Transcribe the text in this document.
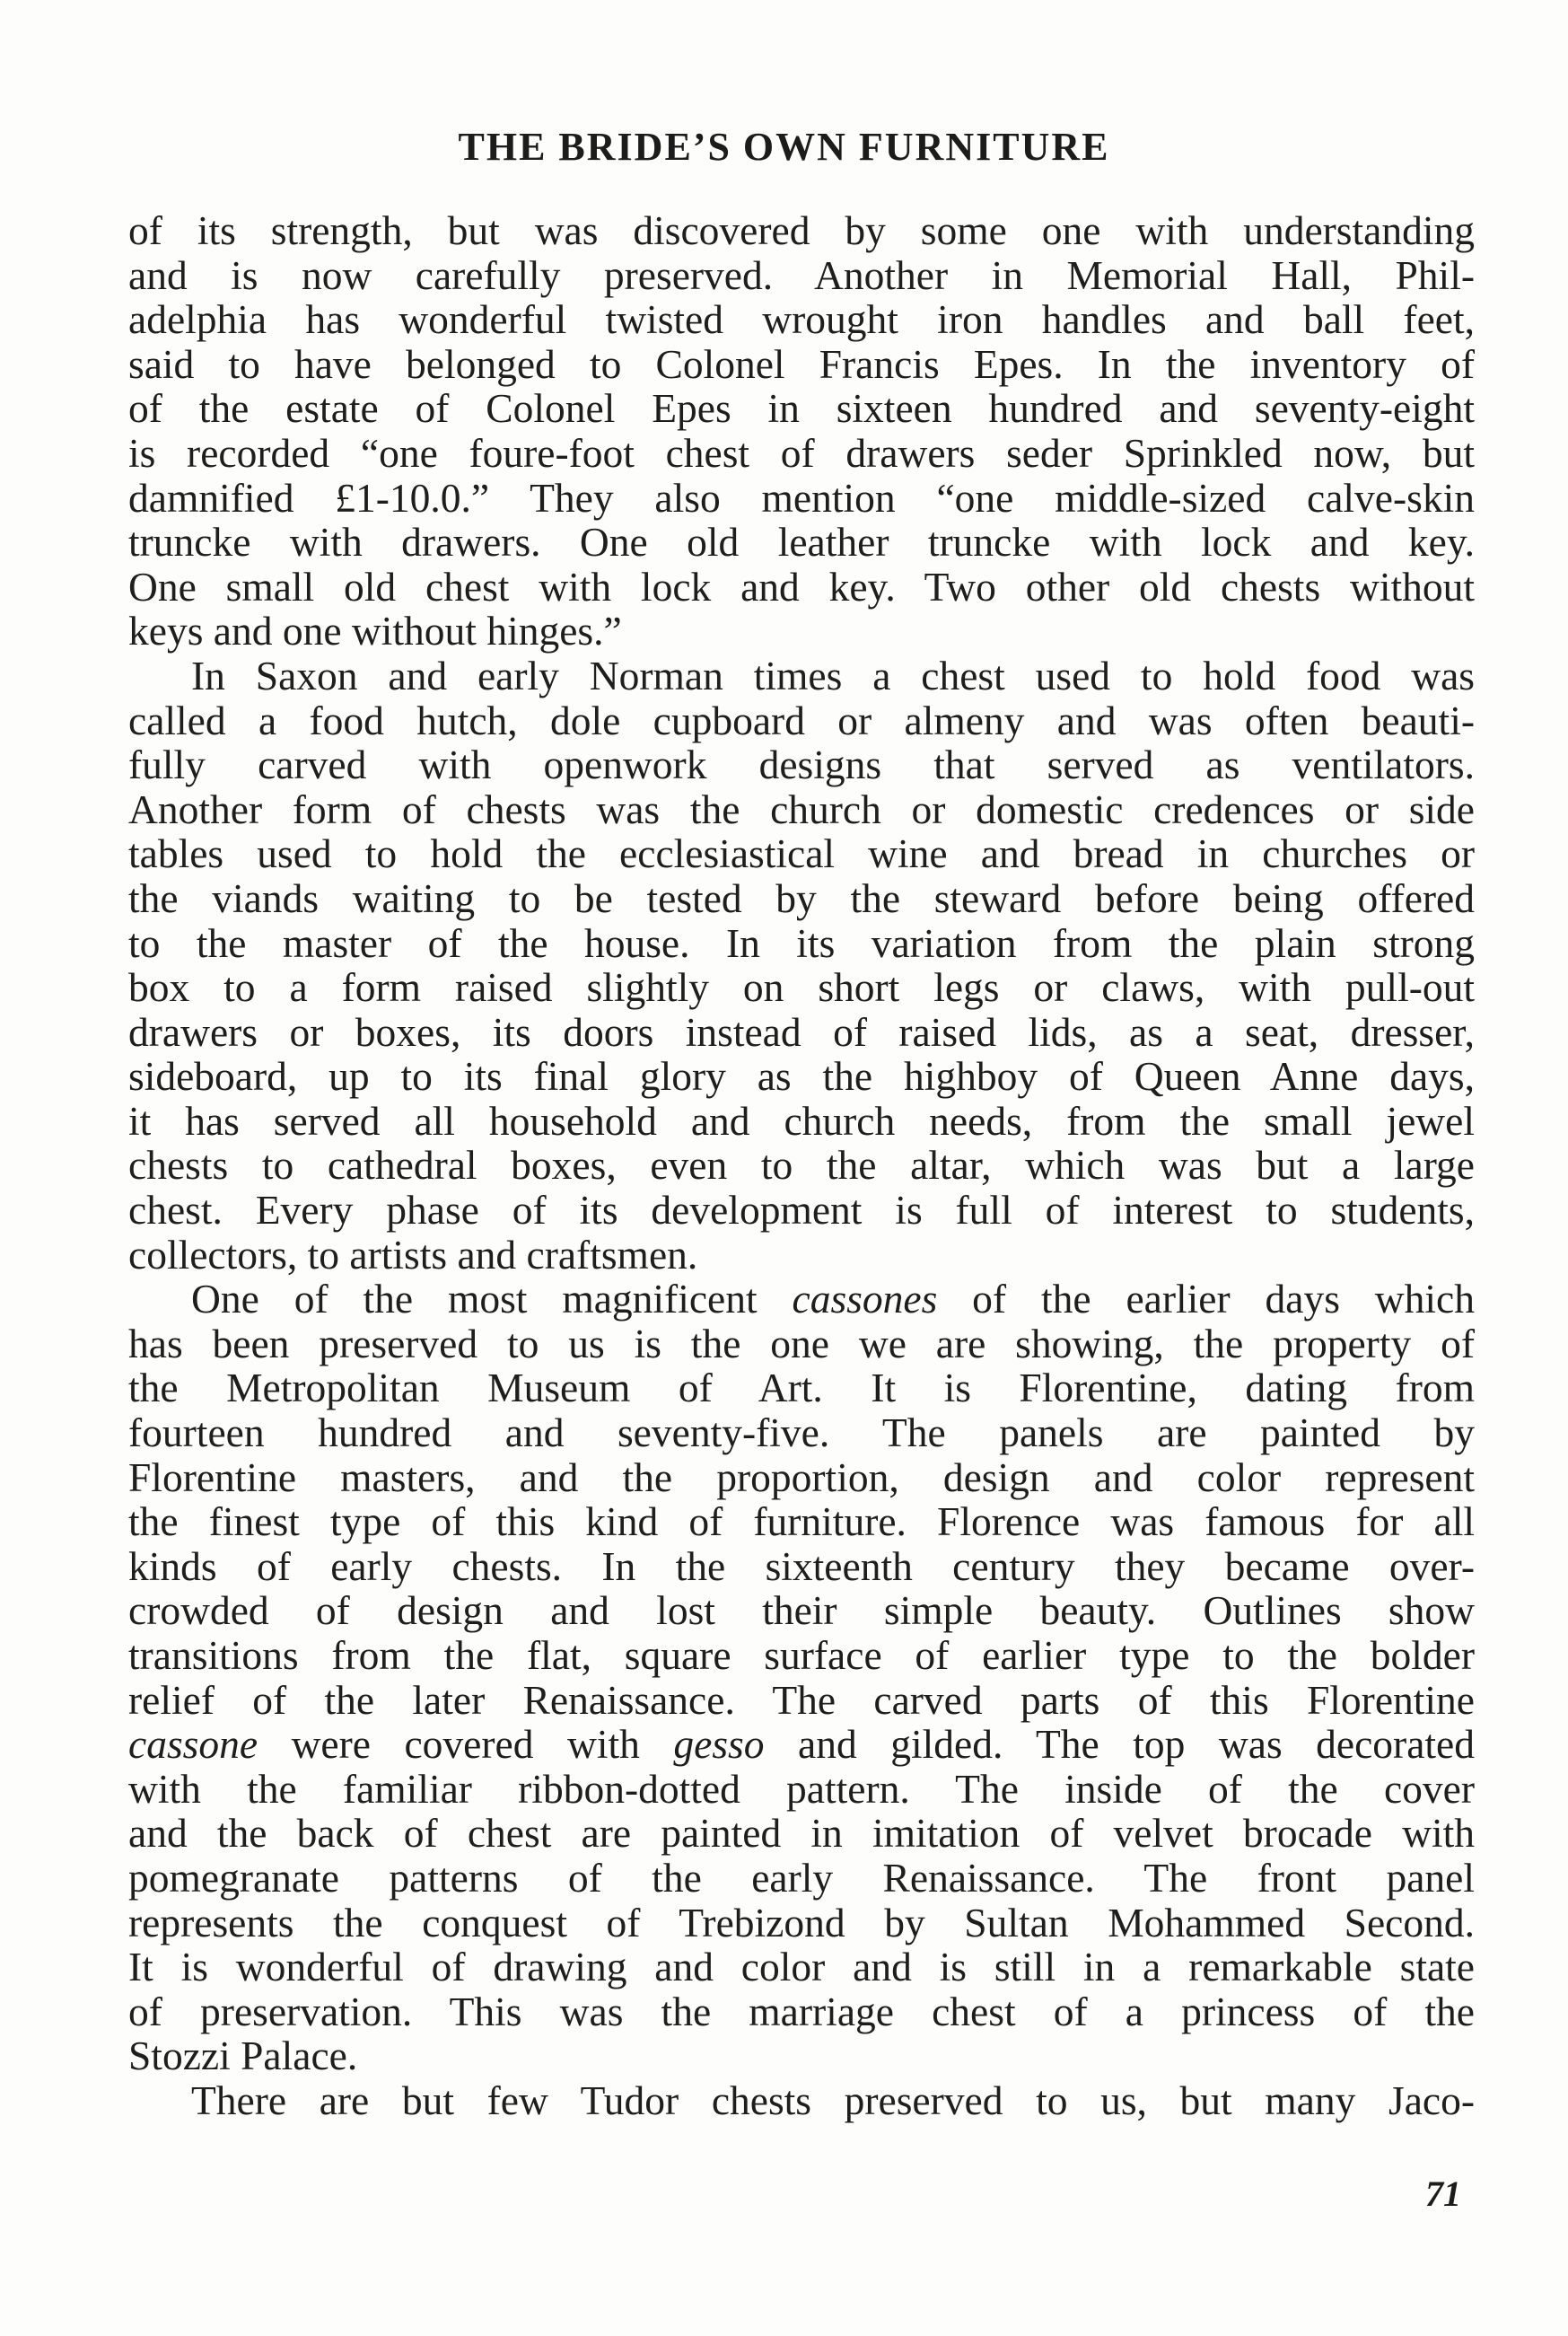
THE BRIDE’S OWN FURNITURE

of its strength, but was discovered by some one with understanding
and is now carefully preserved. Another in Memorial Hall, Phil-
adelphia has wonderful twisted wrought iron handles and ball feet,
said to have belonged to Colonel Francis Epes. In the inventory of
of the estate of Colonel Epes in sixteen hundred and seventy-eight
is recorded “one foure-foot chest of drawers seder Sprinkled now, but
damnified £1-10.0.” They also mention “one middle-sized calve-skin
truncke with drawers. One old leather truncke with lock and key.
One small old chest with lock and key. Two other old chests without
keys and one without hinges.”

In Saxon and early Norman times a chest used to hold food was
called a food hutch, dole cupboard or almeny and was often beauti-
fully carved with openwork designs that served as ventilators.
Another form of chests was the church or domestic credences or side
tables used to hold the ecclesiastical wine and bread in churches or
the viands waiting to be tested by the steward before being offered
to the master of the house. In its variation from the plain strong
box to a form raised slightly on short legs or claws, with pull-out
drawers or boxes, its doors instead of raised lids, as a seat, dresser,
sideboard, up to its final glory as the highboy of Queen Anne days,
it has served all household and church needs, from the small jewel
chests to cathedral boxes, even to the altar, which was but a large
chest. Every phase of its development is full of interest to students,
collectors, to artists and craftsmen.

One of the most magnificent cassones of the earlier days which
has been preserved to us is the one we are showing, the property of
the Metropolitan Museum of Art. It is Florentine, dating from
fourteen hundred and seventy-five. The panels are painted by
Florentine masters, and the proportion, design and color represent
the finest type of this kind of furniture. Florence was famous for all
kinds of early chests. In the sixteenth century they became over-
crowded of design and lost their simple beauty. Outlines show
transitions from the flat, square surface of earlier type to the bolder
relief of the later Renaissance. The carved parts of this Florentine
cassone were covered with gesso and gilded. The top was decorated
with the familiar ribbon-dotted pattern. The inside of the cover
and the back of chest are painted in imitation of velvet brocade with
pomegranate patterns of the early Renaissance. The front panel
represents the conquest of Trebizond by Sultan Mohammed Second.
It is wonderful of drawing and color and is still in a remarkable state
of preservation. This was the marriage chest of a princess of the
Stozzi Palace.

There are but few Tudor chests preserved to us, but many Jaco-

71
